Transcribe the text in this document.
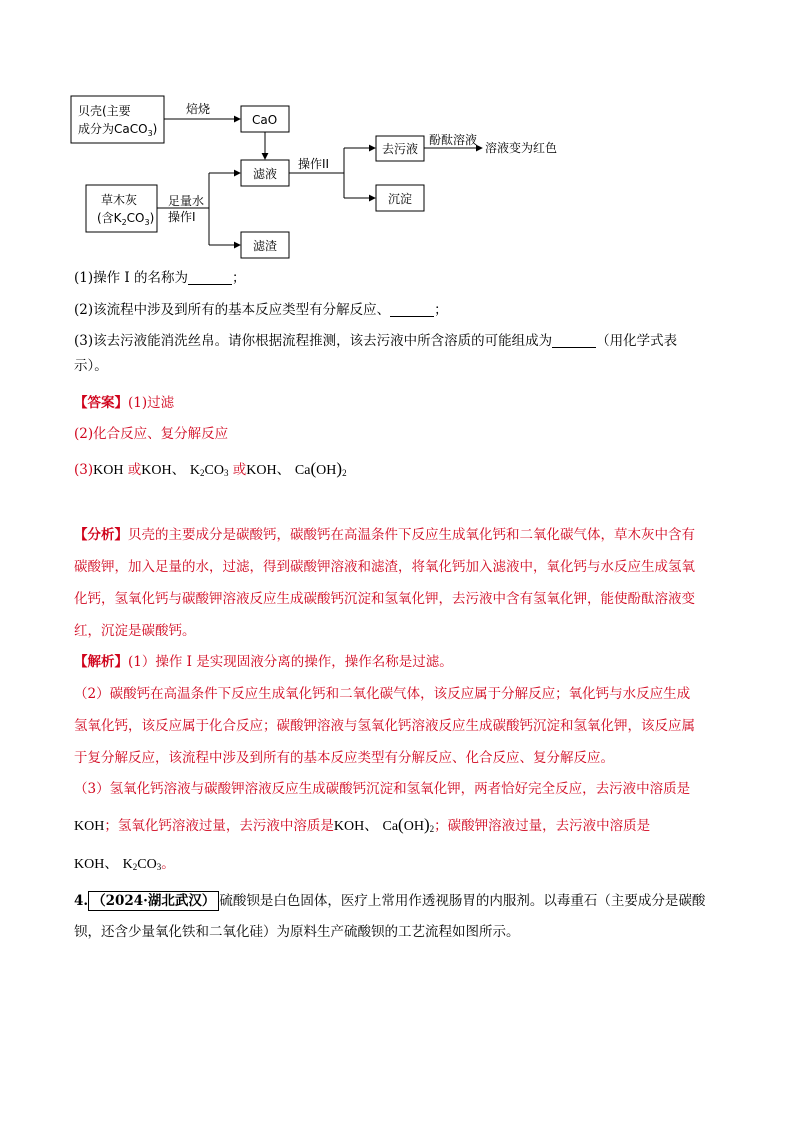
贝壳(主要
成分为CaCO$_3$)
焙烧
CaO
滤液
草木灰
(含$K_2CO_3$)
足量水
操作I
滤渣
操作II
去污液
酚酞溶液
溶液变为红色
沉淀
(1)操作 I 的名称为	；
(2)该流程中涉及到所有的基本反应类型有分解反应、	；
(3)该去污液能消洗丝帛。请你根据流程推测，该去污液中所含溶质的可能组成为	（用化学式表
示）。
【答案】(1)过滤
(2)化合反应、复分解反应
(3)KOH 或KOH、 $K_2CO_3$ 或KOH、 $Ca(OH)_2$
【分析】贝壳的主要成分是碳酸钙，碳酸钙在高温条件下反应生成氧化钙和二氧化碳气体，草木灰中含有
碳酸钾，加入足量的水，过滤，得到碳酸钾溶液和滤渣，将氧化钙加入滤液中，氧化钙与水反应生成氢氧
化钙，氢氧化钙与碳酸钾溶液反应生成碳酸钙沉淀和氢氧化钾，去污液中含有氢氧化钾，能使酚酞溶液变
红，沉淀是碳酸钙。
【解析】(1）操作 I 是实现固液分离的操作，操作名称是过滤。
（2）碳酸钙在高温条件下反应生成氧化钙和二氧化碳气体，该反应属于分解反应；氧化钙与水反应生成
氢氧化钙，该反应属于化合反应；碳酸钾溶液与氢氧化钙溶液反应生成碳酸钙沉淀和氢氧化钾，该反应属
于复分解反应，该流程中涉及到所有的基本反应类型有分解反应、化合反应、复分解反应。
（3）氢氧化钙溶液与碳酸钾溶液反应生成碳酸钙沉淀和氢氧化钾，两者恰好完全反应，去污液中溶质是
KOH；氢氧化钙溶液过量，去污液中溶质是KOH、 $Ca(OH)_2$；碳酸钾溶液过量，去污液中溶质是
KOH、 $K_2CO_3$。
4. （2024·湖北武汉） 硫酸钡是白色固体，医疗上常用作透视肠胃的内服剂。以毒重石（主要成分是碳酸
钡，还含少量氧化铁和二氧化硅）为原料生产硫酸钡的工艺流程如图所示。
